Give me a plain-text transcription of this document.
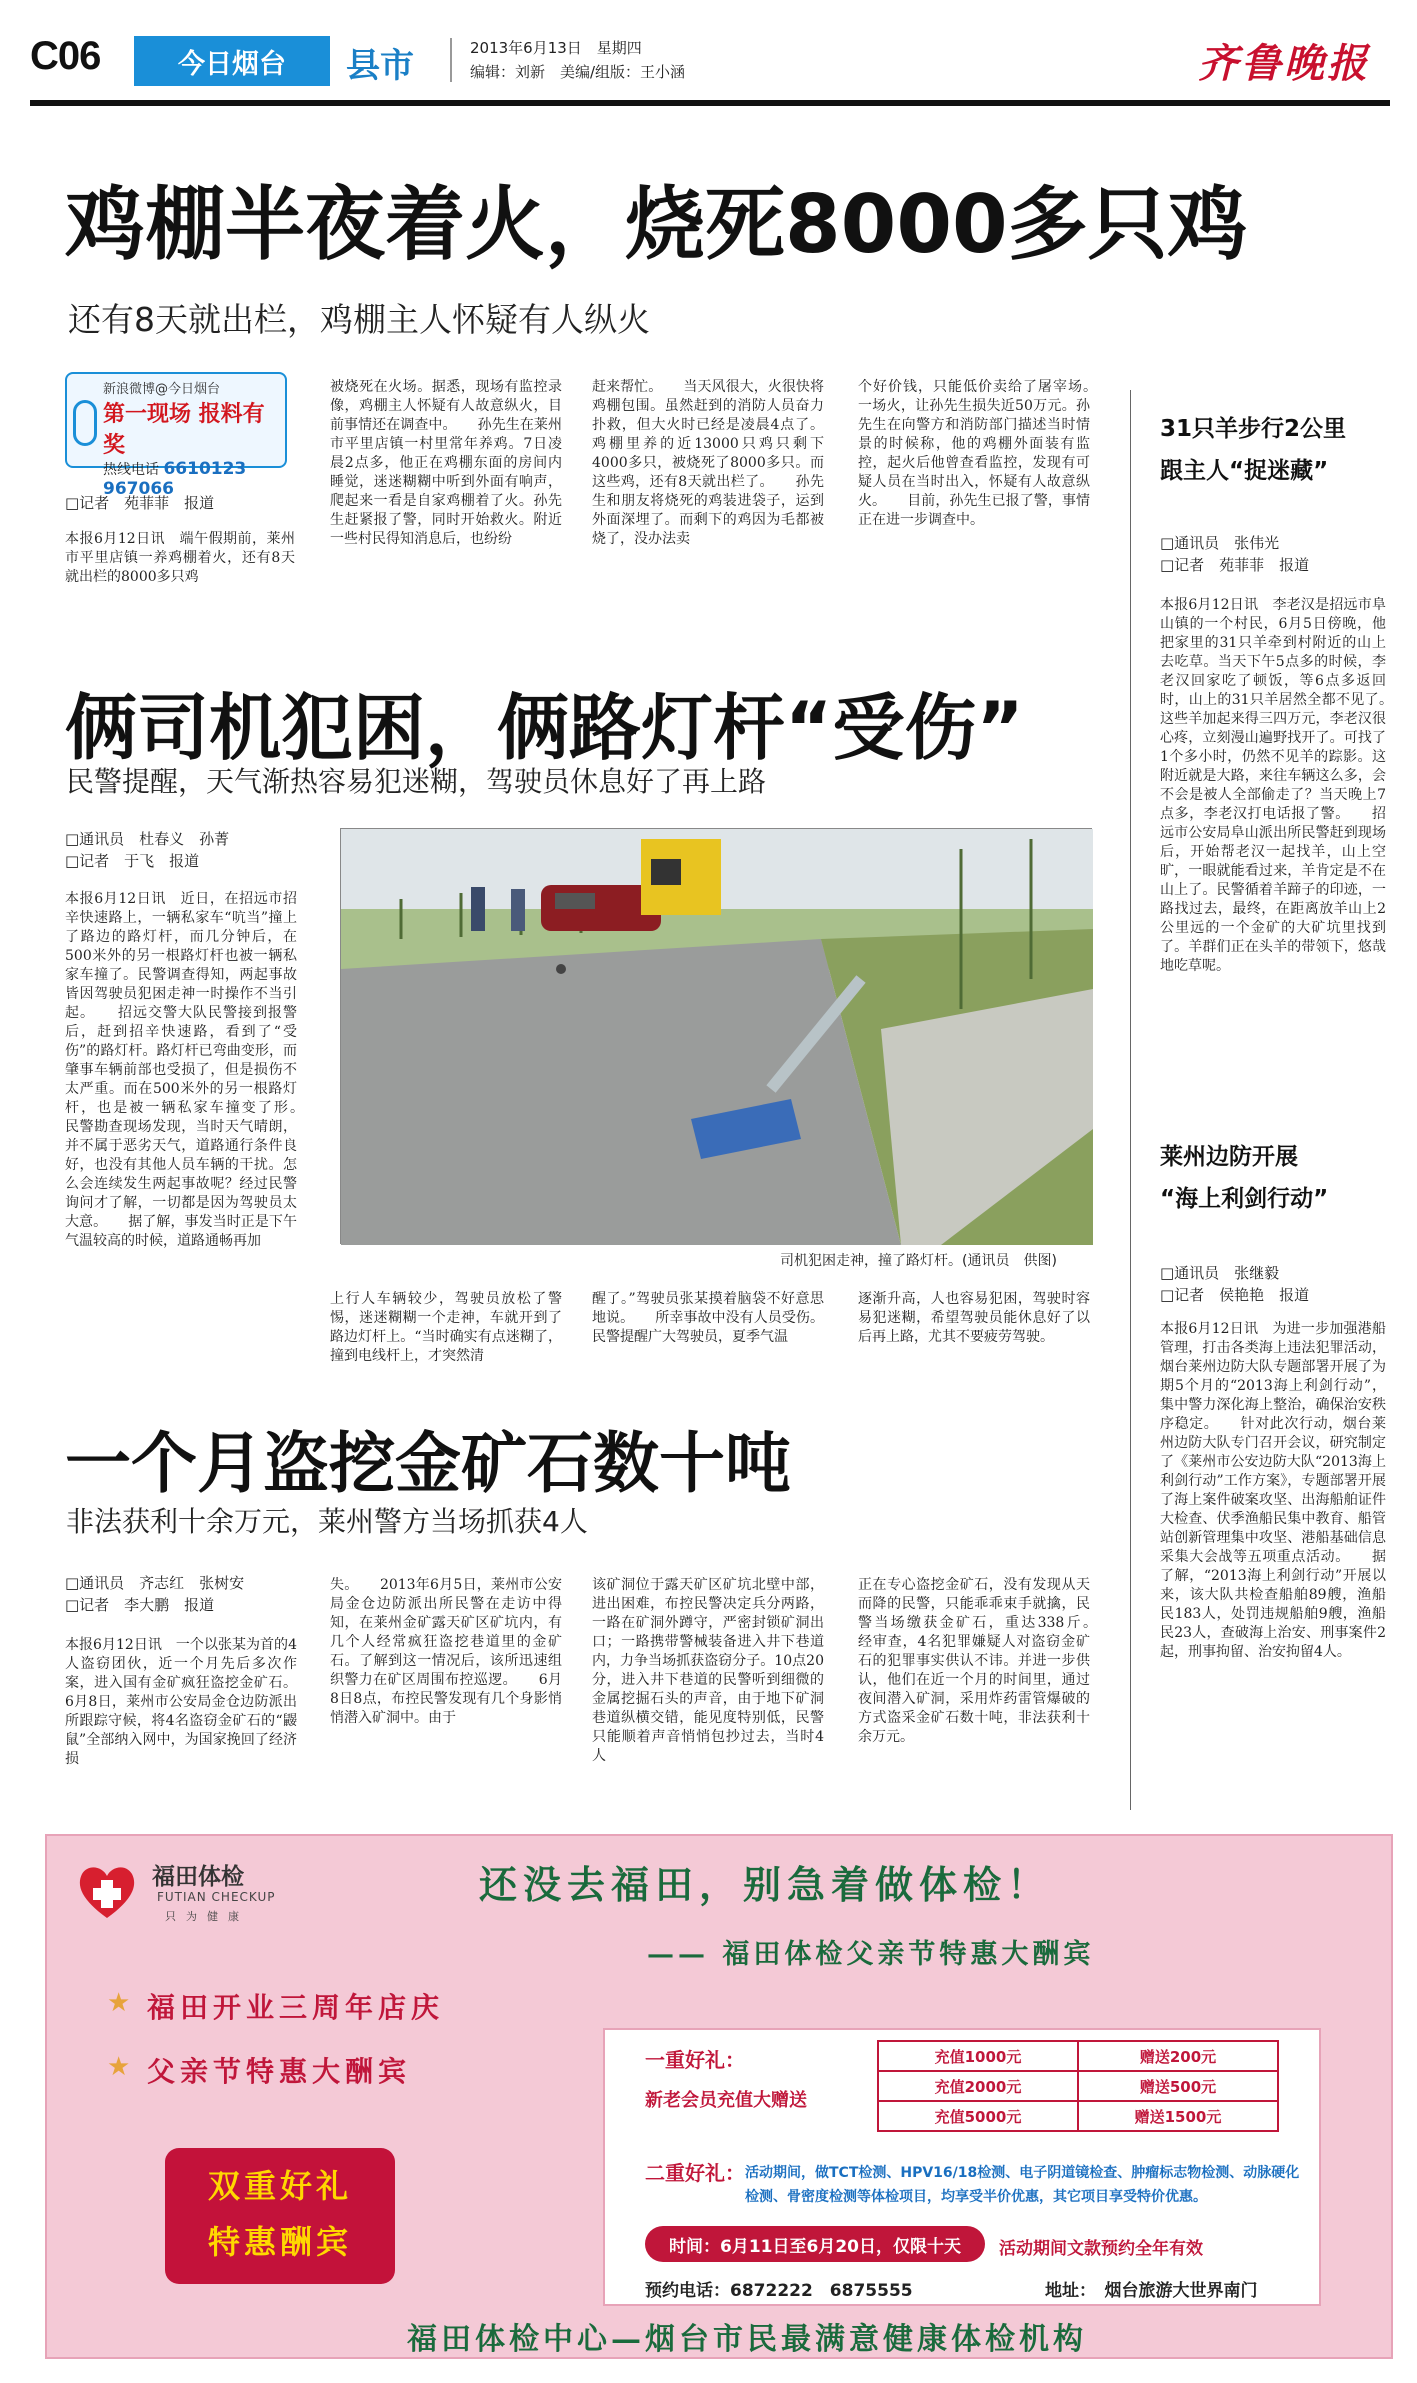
C06	今日烟台	县市	2013年6月13日　星期四
编辑：刘新　美编/组版：王小涵	齐鲁晚报
鸡棚半夜着火，烧死8000多只鸡
还有8天就出栏，鸡棚主人怀疑有人纵火
新浪微博@今日烟台
第一现场 报料有奖
热线电话 6610123 967066
□记者　苑菲菲　报道
本报6月12日讯　端午假期前，莱州市平里店镇一养鸡棚着火，还有8天就出栏的8000多只鸡
被烧死在火场。据悉，现场有监控录像，鸡棚主人怀疑有人故意纵火，目前事情还在调查中。　　孙先生在莱州市平里店镇一村里常年养鸡。7日凌晨2点多，他正在鸡棚东面的房间内睡觉，迷迷糊糊中听到外面有响声，爬起来一看是自家鸡棚着了火。孙先生赶紧报了警，同时开始救火。附近一些村民得知消息后，也纷纷
赶来帮忙。　　当天风很大，火很快将鸡棚包围。虽然赶到的消防人员奋力扑救，但大火时已经是凌晨4点了。鸡棚里养的近13000只鸡只剩下4000多只，被烧死了8000多只。而这些鸡，还有8天就出栏了。　　孙先生和朋友将烧死的鸡装进袋子，运到外面深埋了。而剩下的鸡因为毛都被烧了，没办法卖
个好价钱，只能低价卖给了屠宰场。　　一场火，让孙先生损失近50万元。孙先生在向警方和消防部门描述当时情景的时候称，他的鸡棚外面装有监控，起火后他曾查看监控，发现有可疑人员在当时出入，怀疑有人故意纵火。　　目前，孙先生已报了警，事情正在进一步调查中。
俩司机犯困，俩路灯杆“受伤”
民警提醒，天气渐热容易犯迷糊，驾驶员休息好了再上路
□通讯员　杜春义　孙菁
□记者　于飞　报道
本报6月12日讯　近日，在招远市招辛快速路上，一辆私家车“吭当”撞上了路边的路灯杆，而几分钟后，在500米外的另一根路灯杆也被一辆私家车撞了。民警调查得知，两起事故皆因驾驶员犯困走神一时操作不当引起。　　招远交警大队民警接到报警后，赶到招辛快速路，看到了“受伤”的路灯杆。路灯杆已弯曲变形，而肇事车辆前部也受损了，但是损伤不太严重。而在500米外的另一根路灯杆，也是被一辆私家车撞变了形。　　民警勘查现场发现，当时天气晴朗，并不属于恶劣天气，道路通行条件良好，也没有其他人员车辆的干扰。怎么会连续发生两起事故呢？经过民警询问才了解，一切都是因为驾驶员太大意。　　据了解，事发当时正是下午气温较高的时候，道路通畅再加
司机犯困走神，撞了路灯杆。(通讯员　供图)
上行人车辆较少，驾驶员放松了警惕，迷迷糊糊一个走神，车就开到了路边灯杆上。“当时确实有点迷糊了，撞到电线杆上，才突然清
醒了。”驾驶员张某摸着脑袋不好意思地说。　　所幸事故中没有人员受伤。民警提醒广大驾驶员，夏季气温
逐渐升高，人也容易犯困，驾驶时容易犯迷糊，希望驾驶员能休息好了以后再上路，尤其不要疲劳驾驶。
一个月盗挖金矿石数十吨
非法获利十余万元，莱州警方当场抓获4人
□通讯员　齐志红　张树安
□记者　李大鹏　报道
本报6月12日讯　一个以张某为首的4人盗窃团伙，近一个月先后多次作案，进入国有金矿疯狂盗挖金矿石。6月8日，莱州市公安局金仓边防派出所跟踪守候，将4名盗窃金矿石的“鼹鼠”全部纳入网中，为国家挽回了经济损
失。　　2013年6月5日，莱州市公安局金仓边防派出所民警在走访中得知，在莱州金矿露天矿区矿坑内，有几个人经常疯狂盗挖巷道里的金矿石。了解到这一情况后，该所迅速组织警力在矿区周围布控巡逻。　　6月8日8点，布控民警发现有几个身影悄悄潜入矿洞中。由于
该矿洞位于露天矿区矿坑北壁中部，进出困难，布控民警决定兵分两路，一路在矿洞外蹲守，严密封锁矿洞出口；一路携带警械装备进入井下巷道内，力争当场抓获盗窃分子。10点20分，进入井下巷道的民警听到细微的金属挖掘石头的声音，由于地下矿洞巷道纵横交错，能见度特别低，民警只能顺着声音悄悄包抄过去，当时4人
正在专心盗挖金矿石，没有发现从天而降的民警，只能乖乖束手就擒，民警当场缴获金矿石，重达338斤。　　经审查，4名犯罪嫌疑人对盗窃金矿石的犯罪事实供认不讳。并进一步供认，他们在近一个月的时间里，通过夜间潜入矿洞，采用炸药雷管爆破的方式盗采金矿石数十吨，非法获利十余万元。
31只羊步行2公里
跟主人“捉迷藏”
□通讯员　张伟光
□记者　苑菲菲　报道
本报6月12日讯　李老汉是招远市阜山镇的一个村民，6月5日傍晚，他把家里的31只羊牵到村附近的山上去吃草。当天下午5点多的时候，李老汉回家吃了顿饭，等6点多返回时，山上的31只羊居然全都不见了。　　这些羊加起来得三四万元，李老汉很心疼，立刻漫山遍野找开了。可找了1个多小时，仍然不见羊的踪影。这附近就是大路，来往车辆这么多，会不会是被人全部偷走了？当天晚上7点多，李老汉打电话报了警。　　招远市公安局阜山派出所民警赶到现场后，开始帮老汉一起找羊，山上空旷，一眼就能看过来，羊肯定是不在山上了。民警循着羊蹄子的印迹，一路找过去，最终，在距离放羊山上2公里远的一个金矿的大矿坑里找到了。羊群们正在头羊的带领下，悠哉地吃草呢。
莱州边防开展
“海上利剑行动”
□通讯员　张继毅
□记者　侯艳艳　报道
本报6月12日讯　为进一步加强港船管理，打击各类海上违法犯罪活动，烟台莱州边防大队专题部署开展了为期5个月的“2013海上利剑行动”，集中警力深化海上整治，确保治安秩序稳定。　　针对此次行动，烟台莱州边防大队专门召开会议，研究制定了《莱州市公安边防大队“2013海上利剑行动”工作方案》，专题部署开展了海上案件破案攻坚、出海船舶证件大检查、伏季渔船民集中教育、船管站创新管理集中攻坚、港船基础信息采集大会战等五项重点活动。　　据了解，“2013海上利剑行动”开展以来，该大队共检查船舶89艘，渔船民183人，处罚违规船舶9艘，渔船民23人，查破海上治安、刑事案件2起，刑事拘留、治安拘留4人。
福田体检
FUTIAN CHECKUP
只为健康
还没去福田，别急着做体检！
—— 福田体检父亲节特惠大酬宾
★ 福田开业三周年店庆
★ 父亲节特惠大酬宾
双重好礼
特惠酬宾
一重好礼：
新老会员充值大赠送
充值1000元	赠送200元
充值2000元	赠送500元
充值5000元	赠送1500元
二重好礼： 活动期间，做TCT检测、HPV16/18检测、电子阴道镜检查、肿瘤标志物检测、动脉硬化检测、骨密度检测等体检项目，均享受半价优惠，其它项目享受特价优惠。
时间：6月11日至6月20日，仅限十天	活动期间文款预约全年有效
预约电话：6872222　6875555	地址：　烟台旅游大世界南门
福田体检中心—烟台市民最满意健康体检机构
